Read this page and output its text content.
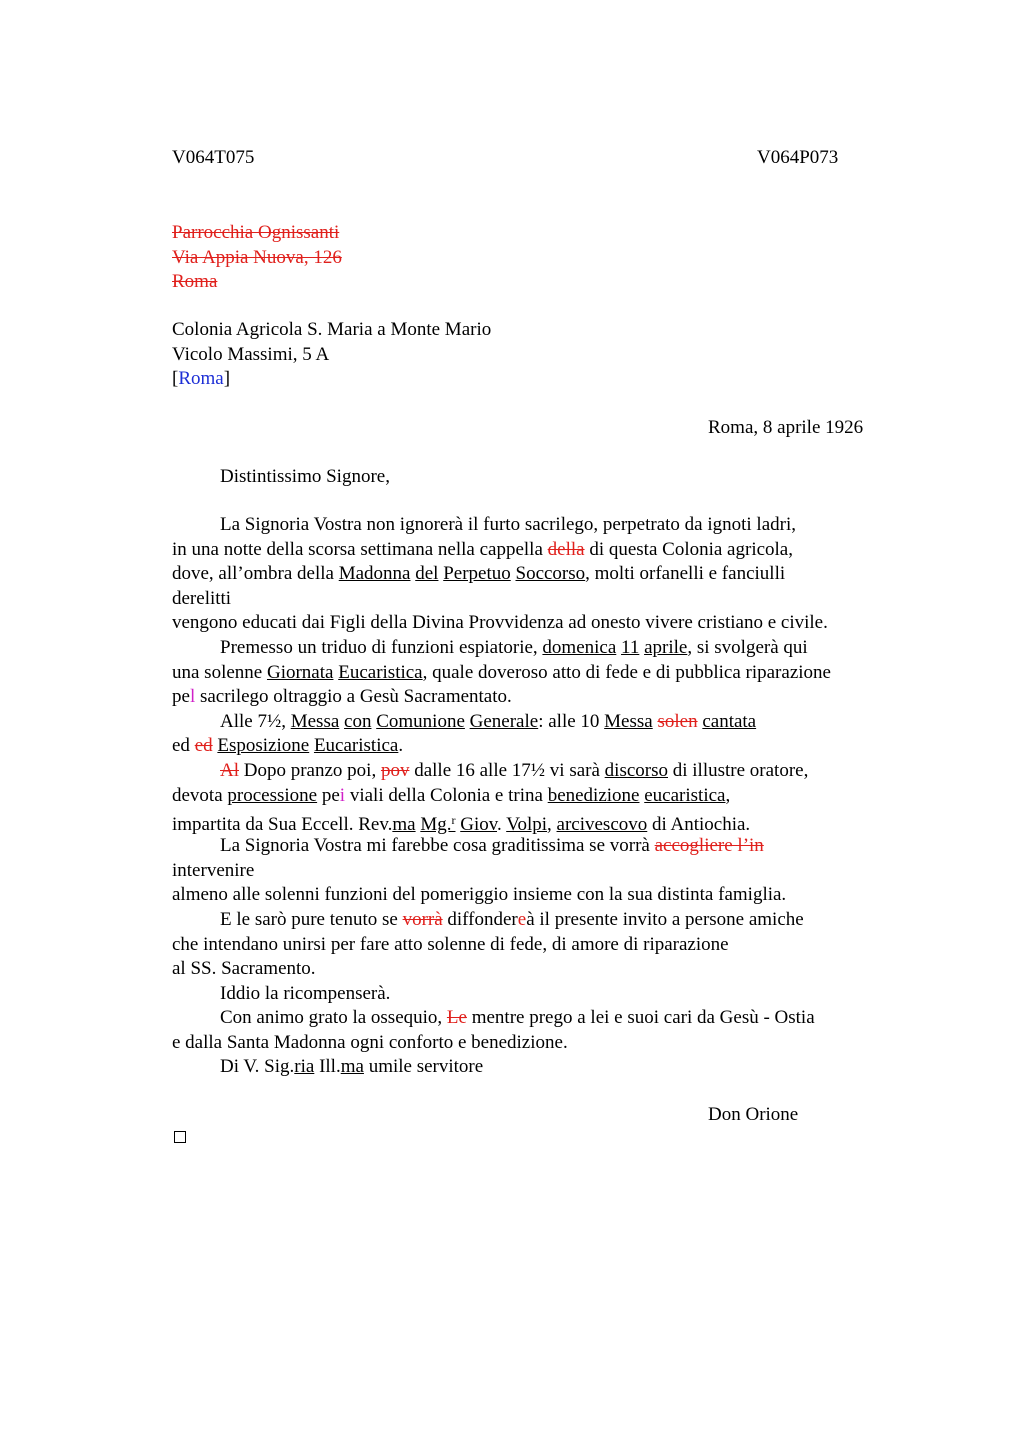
V064T075	V064P073
Parrocchia Ognissanti
Via Appia Nuova, 126
Roma
Colonia Agricola S. Maria a Monte Mario
Vicolo Massimi, 5 A
[Roma]
Roma, 8 aprile 1926
Distintissimo Signore,
La Signoria Vostra non ignorerà il furto sacrilego, perpetrato da ignoti ladri,
in una notte della scorsa settimana nella cappella della di questa Colonia agricola,
dove, all’ombra della Madonna del Perpetuo Soccorso, molti orfanelli e fanciulli
derelitti
vengono educati dai Figli della Divina Provvidenza ad onesto vivere cristiano e civile.
Premesso un triduo di funzioni espiatorie, domenica 11 aprile, si svolgerà qui
una solenne Giornata Eucaristica, quale doveroso atto di fede e di pubblica riparazione
pel sacrilego oltraggio a Gesù Sacramentato.
Alle 7½, Messa con Comunione Generale: alle 10 Messa solen cantata
ed ed Esposizione Eucaristica.
Al Dopo pranzo poi, pov dalle 16 alle 17½ vi sarà discorso di illustre oratore,
devota processione pei viali della Colonia e trina benedizione eucaristica,
impartita da Sua Eccell. Rev.ma Mg.$^r$ Giov. Volpi, arcivescovo di Antiochia.
La Signoria Vostra mi farebbe cosa graditissima se vorrà accogliere l’in
intervenire
almeno alle solenni funzioni del pomeriggio insieme con la sua distinta famiglia.
E le sarò pure tenuto se vorrà diffondereà il presente invito a persone amiche
che intendano unirsi per fare atto solenne di fede, di amore di riparazione
al SS. Sacramento.
Iddio la ricompenserà.
Con animo grato la ossequio, Le mentre prego a lei e suoi cari da Gesù - Ostia
e dalla Santa Madonna ogni conforto e benedizione.
Di V. Sig.ria Ill.ma umile servitore
Don Orione
